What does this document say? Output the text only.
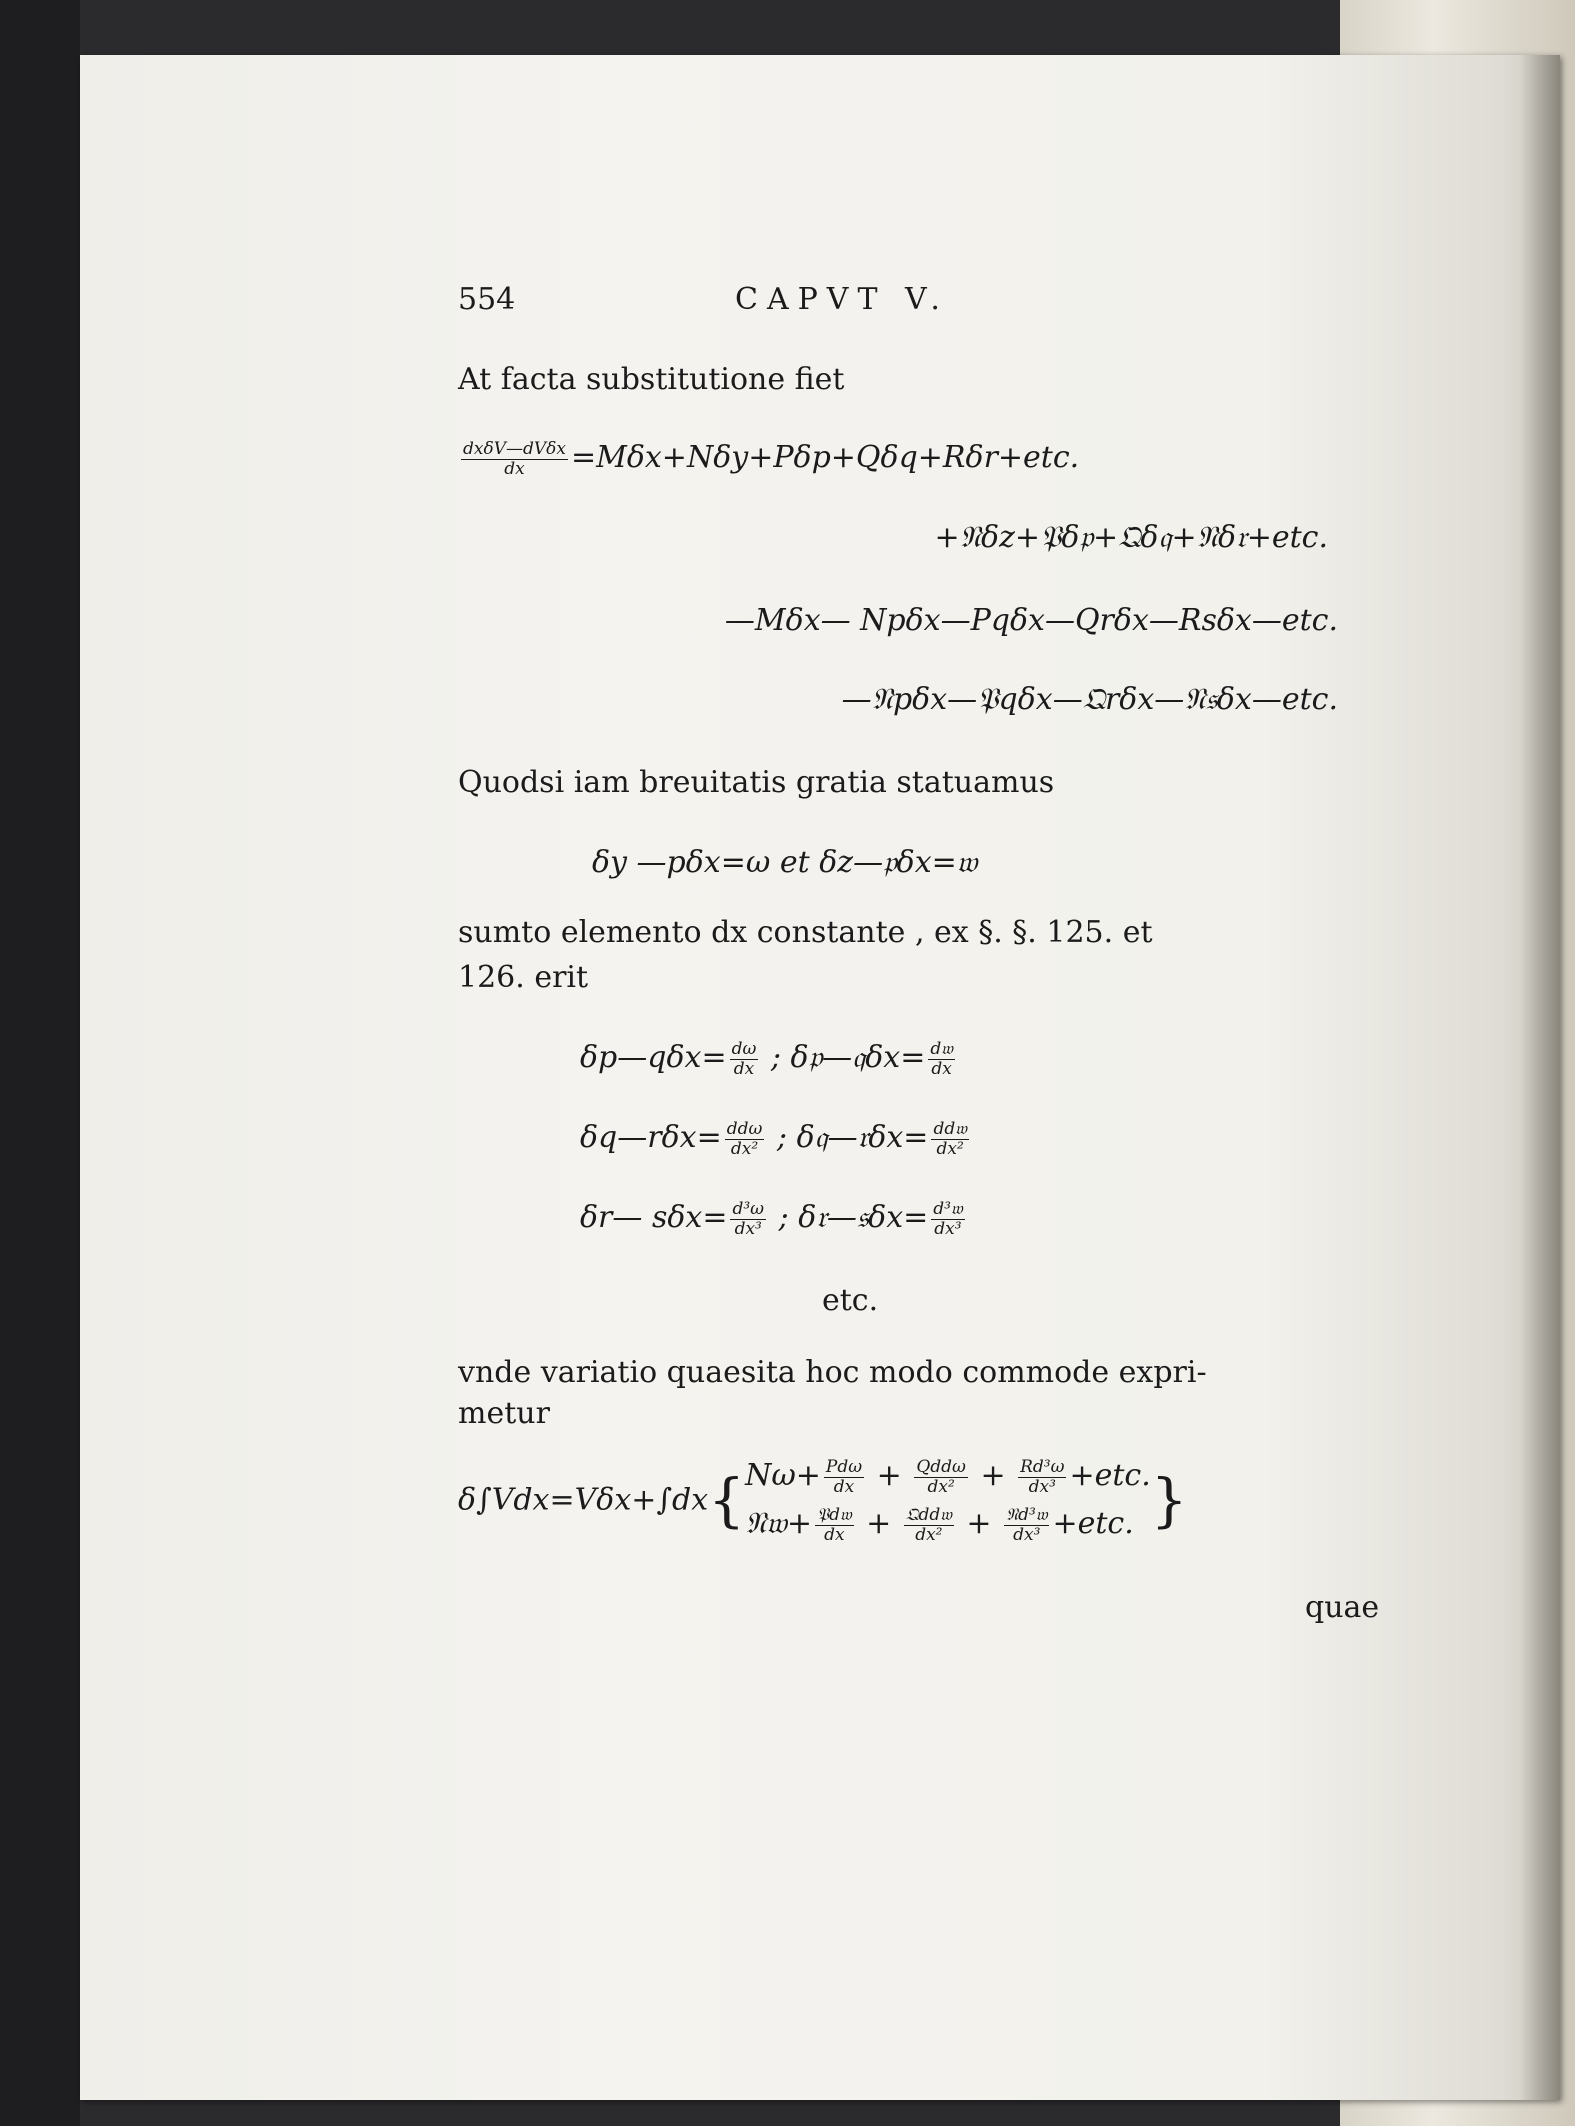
554	CAPVT V.
At facta substitutione fiet
$\frac{\text{dxδV—dVδx}}{dx} =M\delta x+N\delta y+P\delta p+Q\delta q+R\delta r+etc$.
+𝔑δz+𝔓δ𝔭+𝔔δ𝔮+𝔑δ𝔯+etc.
—Mδx— Npδx—Pqδx—Qrδx—Rsδx—etc.
—𝔑pδx—𝔓qδx—𝔔rδx—𝔑𝔰δx—etc.
Quodsi iam breuitatis gratia statuamus
δy —pδx=ω et δz—𝔭δx=𝔴
sumto elemento dx constante , ex §. §. 125. et
126. erit
δp—qδx= $\frac{d\omega}{dx}$ ; δ𝔭—𝔮δx= $\frac{\text{d𝔴}}{dx}$
δq—rδx= $\frac{\text{ddω}}{\text{dx²}}$ ; δ𝔮—𝔯δx= $\frac{\text{dd𝔴}}{\text{dx²}}$
δr— $s\delta x= \frac{\text{d³ω}}{\text{dx³}}$ ; δ𝔯—𝔰δx= $\frac{\text{d³𝔴}}{\text{dx³}}$
etc.
vnde variatio quaesita hoc modo commode expri-
metur
δ∫Vdx=Vδx+∫dx{ $N\omega+ \frac{\text{Pdω}}{dx} + \frac{\text{Qddω}}{\text{dx²}} + \frac{\text{Rd³ω}}{\text{dx³}} +etc$.
𝔑𝔴+ $\frac{\text{𝔓d𝔴}}{dx} + \frac{\text{𝔔dd𝔴}}{\text{dx²}} + \frac{\text{𝔑d³𝔴}}{\text{dx³}} +etc$. }
quae
